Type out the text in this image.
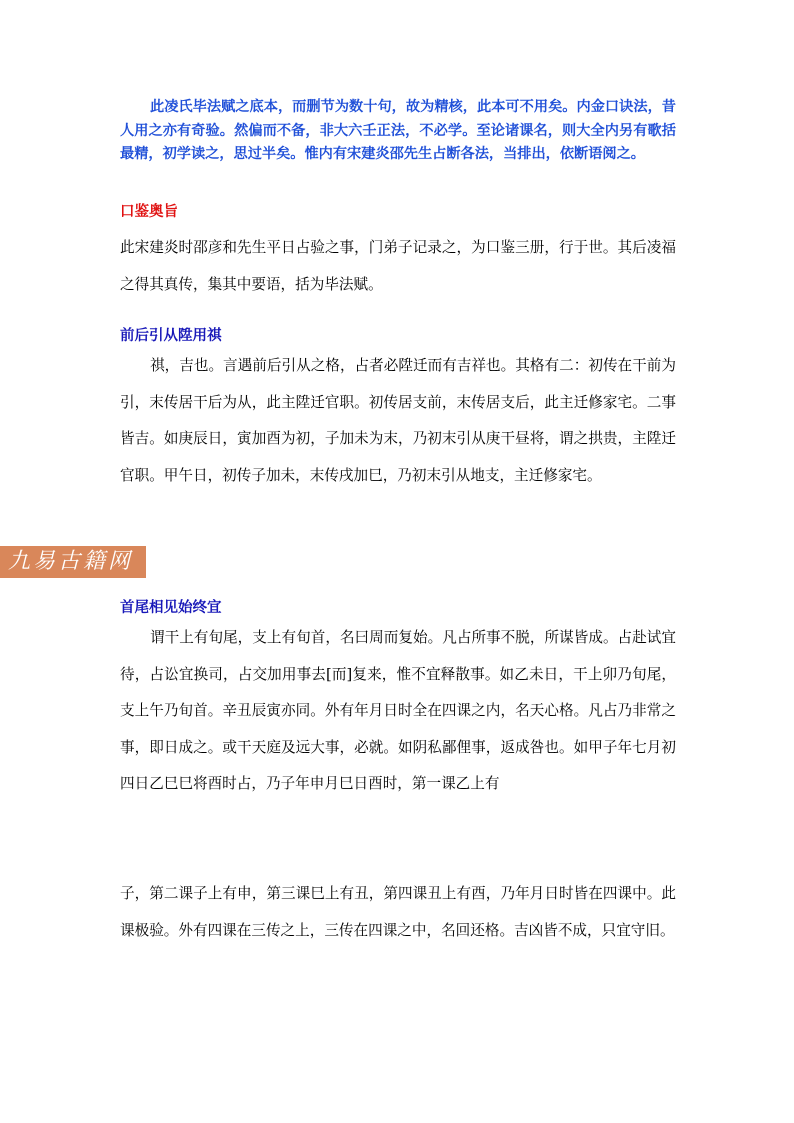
此凌氏毕法赋之底本，而删节为数十句，故为精核，此本可不用矣。内金口诀法，昔人用之亦有奇验。然偏而不备，非大六壬正法，不必学。至论诸课名，则大全内另有歌括最精，初学读之，思过半矣。惟内有宋建炎邵先生占断各法，当排出，依断语阅之。

口鉴奥旨

此宋建炎时邵彦和先生平日占验之事，门弟子记录之，为口鉴三册，行于世。其后凌福之得其真传，集其中要语，括为毕法赋。

前后引从陞用祺

祺，吉也。言遇前后引从之格，占者必陞迁而有吉祥也。其格有二：初传在干前为引，末传居干后为从，此主陞迁官职。初传居支前，末传居支后，此主迁修家宅。二事皆吉。如庚辰日，寅加酉为初，子加未为末，乃初末引从庚干昼将，谓之拱贵，主陞迁官职。甲午日，初传子加未，末传戌加巳，乃初末引从地支，主迁修家宅。

九易古籍网
首尾相见始终宜

谓干上有旬尾，支上有旬首，名曰周而复始。凡占所事不脱，所谋皆成。占赴试宜待，占讼宜换司，占交加用事去[而]复来，惟不宜释散事。如乙未日，干上卯乃旬尾，支上午乃旬首。辛丑辰寅亦同。外有年月日时全在四课之内，名天心格。凡占乃非常之事，即日成之。或干天庭及远大事，必就。如阴私鄙俚事，返成咎也。如甲子年七月初四日乙巳巳将酉时占，乃子年申月巳日酉时，第一课乙上有

子，第二课子上有申，第三课巳上有丑，第四课丑上有酉，乃年月日时皆在四课中。此课极验。外有四课在三传之上，三传在四课之中，名回还格。吉凶皆不成，只宜守旧。
